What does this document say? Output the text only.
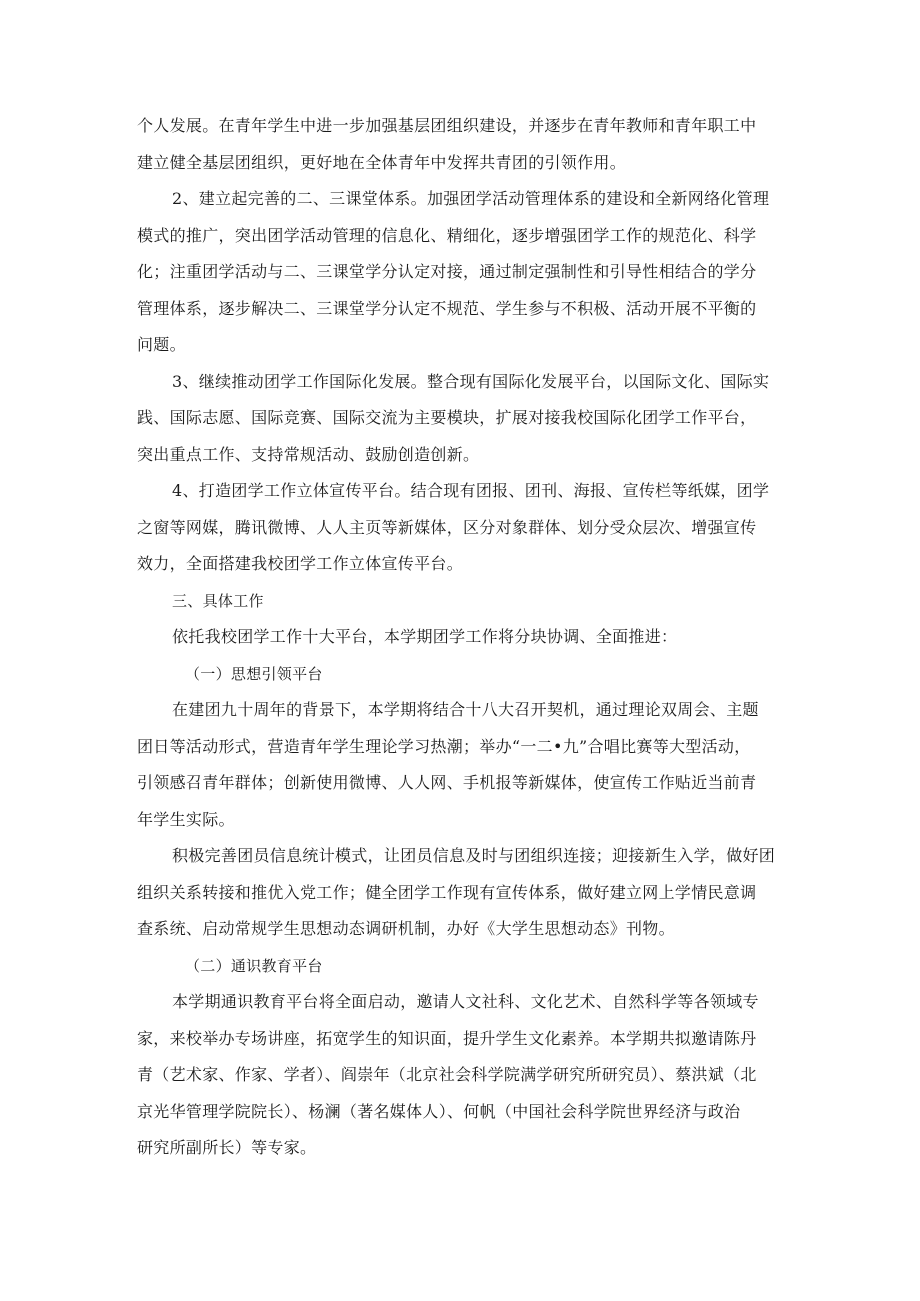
个人发展。在青年学生中进一步加强基层团组织建设，并逐步在青年教师和青年职工中
建立健全基层团组织，更好地在全体青年中发挥共青团的引领作用。
2、建立起完善的二、三课堂体系。加强团学活动管理体系的建设和全新网络化管理
模式的推广，突出团学活动管理的信息化、精细化，逐步增强团学工作的规范化、科学
化；注重团学活动与二、三课堂学分认定对接，通过制定强制性和引导性相结合的学分
管理体系，逐步解决二、三课堂学分认定不规范、学生参与不积极、活动开展不平衡的
问题。
3、继续推动团学工作国际化发展。整合现有国际化发展平台，以国际文化、国际实
践、国际志愿、国际竞赛、国际交流为主要模块，扩展对接我校国际化团学工作平台，
突出重点工作、支持常规活动、鼓励创造创新。
4、打造团学工作立体宣传平台。结合现有团报、团刊、海报、宣传栏等纸媒，团学
之窗等网媒，腾讯微博、人人主页等新媒体，区分对象群体、划分受众层次、增强宣传
效力，全面搭建我校团学工作立体宣传平台。
三、具体工作
依托我校团学工作十大平台，本学期团学工作将分块协调、全面推进：
（一）思想引领平台
在建团九十周年的背景下，本学期将结合十八大召开契机，通过理论双周会、主题
团日等活动形式，营造青年学生理论学习热潮；举办“一二•九”合唱比赛等大型活动，
引领感召青年群体；创新使用微博、人人网、手机报等新媒体，使宣传工作贴近当前青
年学生实际。
积极完善团员信息统计模式，让团员信息及时与团组织连接；迎接新生入学，做好团
组织关系转接和推优入党工作；健全团学工作现有宣传体系，做好建立网上学情民意调
查系统、启动常规学生思想动态调研机制，办好《大学生思想动态》刊物。
（二）通识教育平台
本学期通识教育平台将全面启动，邀请人文社科、文化艺术、自然科学等各领域专
家，来校举办专场讲座，拓宽学生的知识面，提升学生文化素养。本学期共拟邀请陈丹
青（艺术家、作家、学者）、阎崇年（北京社会科学院满学研究所研究员）、蔡洪斌（北
京光华管理学院院长）、杨澜（著名媒体人）、何帆（中国社会科学院世界经济与政治
研究所副所长）等专家。
